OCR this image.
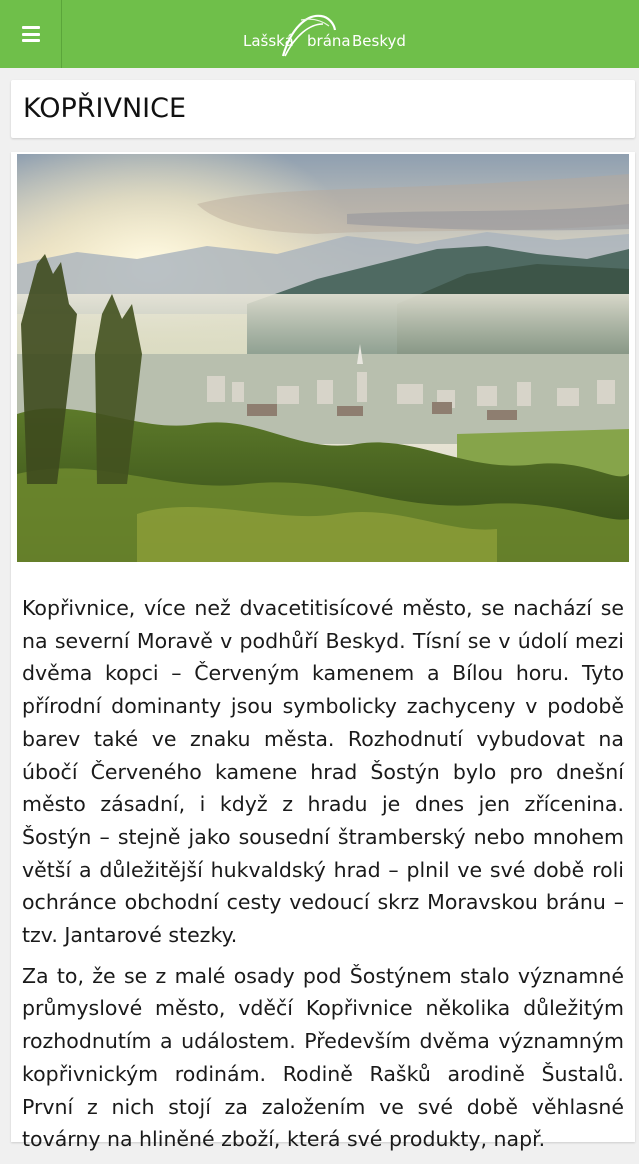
Lašská brána Beskyd
KOPŘIVNICE

Kopřivnice, více než dvacetitisícové město, se nachází se na severní Moravě v podhůří Beskyd. Tísní se v údolí mezi dvěma kopci – Červeným kamenem a Bílou horu. Tyto přírodní dominanty jsou symbolicky zachyceny v podobě barev také ve znaku města. Rozhodnutí vybudovat na úbočí Červeného kamene hrad Šostýn bylo pro dnešní město zásadní, i když z hradu je dnes jen zřícenina. Šostýn – stejně jako sousední štramberský nebo mnohem větší a důležitější hukvaldský hrad – plnil ve své době roli ochránce obchodní cesty vedoucí skrz Moravskou bránu – tzv. Jantarové stezky.

Za to, že se z malé osady pod Šostýnem stalo významné průmyslové město, vděčí Kopřivnice několika důležitým rozhodnutím a událostem. Především dvěma významným kopřivnickým rodinám. Rodině Rašků arodině Šustalů. První z nich stojí za založením ve své době věhlasné továrny na hliněné zboží, která své produkty, např.
